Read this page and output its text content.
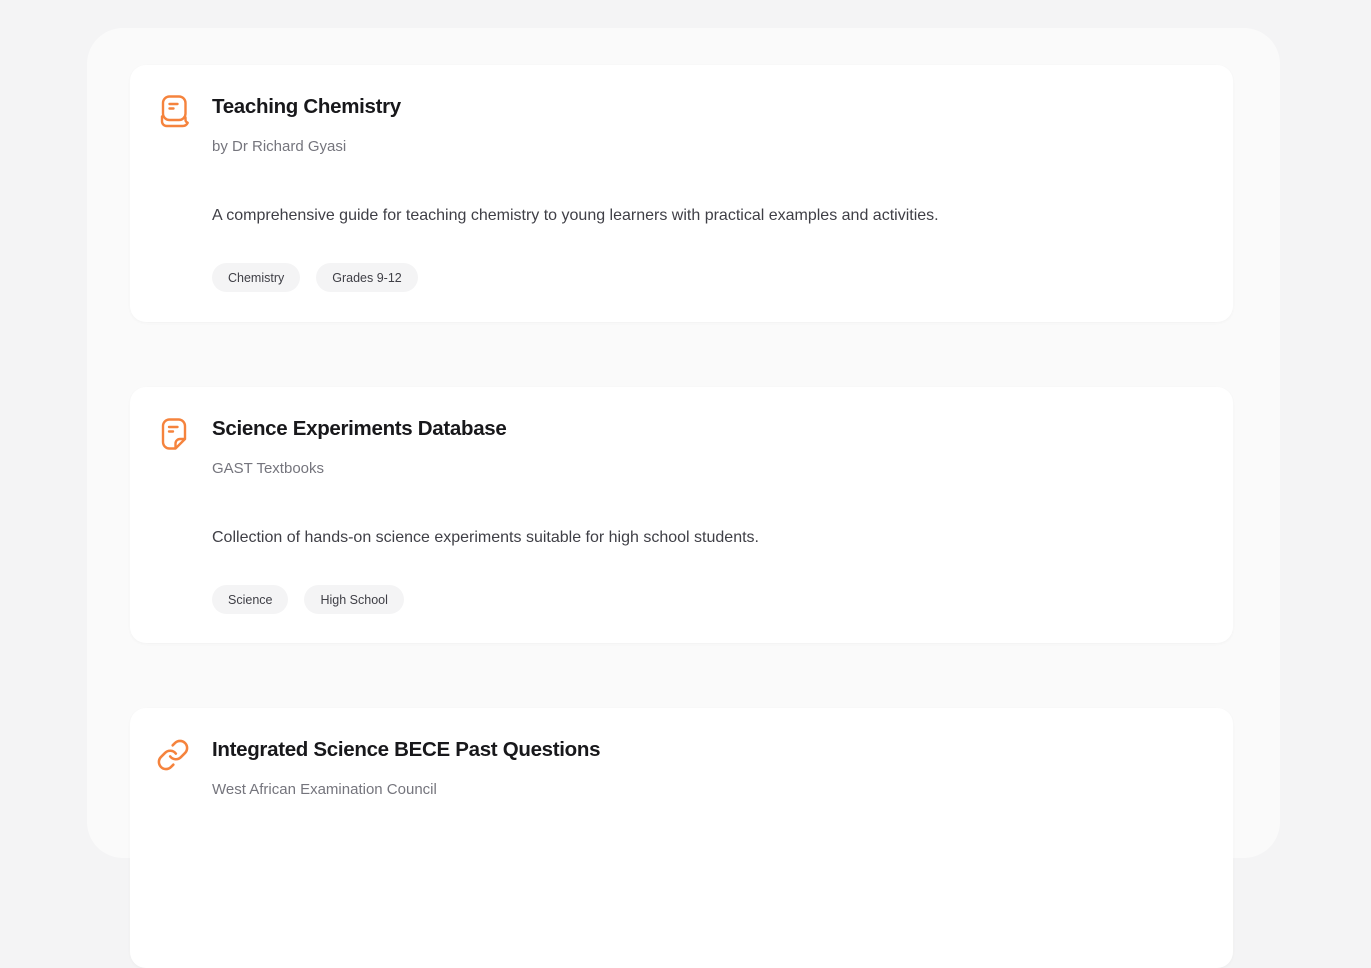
Teaching Chemistry
by Dr Richard Gyasi
A comprehensive guide for teaching chemistry to young learners with practical examples and activities.
Chemistry	Grades 9-12
Science Experiments Database
GAST Textbooks
Collection of hands-on science experiments suitable for high school students.
Science	High School
Integrated Science BECE Past Questions
West African Examination Council
